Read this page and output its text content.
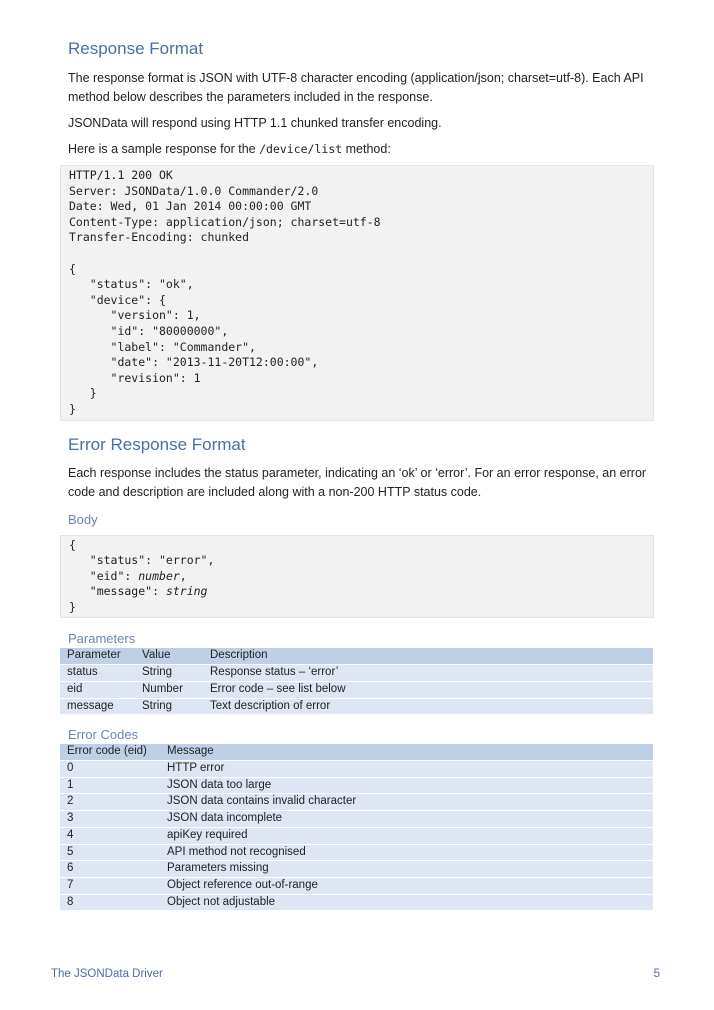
Response Format

The response format is JSON with UTF-8 character encoding (application/json; charset=utf-8). Each API method below describes the parameters included in the response.

JSONData will respond using HTTP 1.1 chunked transfer encoding.

Here is a sample response for the /device/list method:

HTTP/1.1 200 OK
Server: JSONData/1.0.0 Commander/2.0
Date: Wed, 01 Jan 2014 00:00:00 GMT
Content-Type: application/json; charset=utf-8
Transfer-Encoding: chunked
{
"status": "ok",
"device": {
"version": 1,
"id": "80000000",
"label": "Commander",
"date": "2013-11-20T12:00:00",
"revision": 1
}
}
Error Response Format

Each response includes the status parameter, indicating an ‘ok’ or ‘error’. For an error response, an error code and description are included along with a non-200 HTTP status code.

Body
{
"status": "error",
"eid": number,
"message": string
}
Parameters
Parameter	Value	Description
status	String	Response status – ‘error’
eid	Number	Error code – see list below
message	String	Text description of error
Error Codes
Error code (eid)	Message
0	HTTP error
1	JSON data too large
2	JSON data contains invalid character
3	JSON data incomplete
4	apiKey required
5	API method not recognised
6	Parameters missing
7	Object reference out-of-range
8	Object not adjustable
The JSONData Driver	5
